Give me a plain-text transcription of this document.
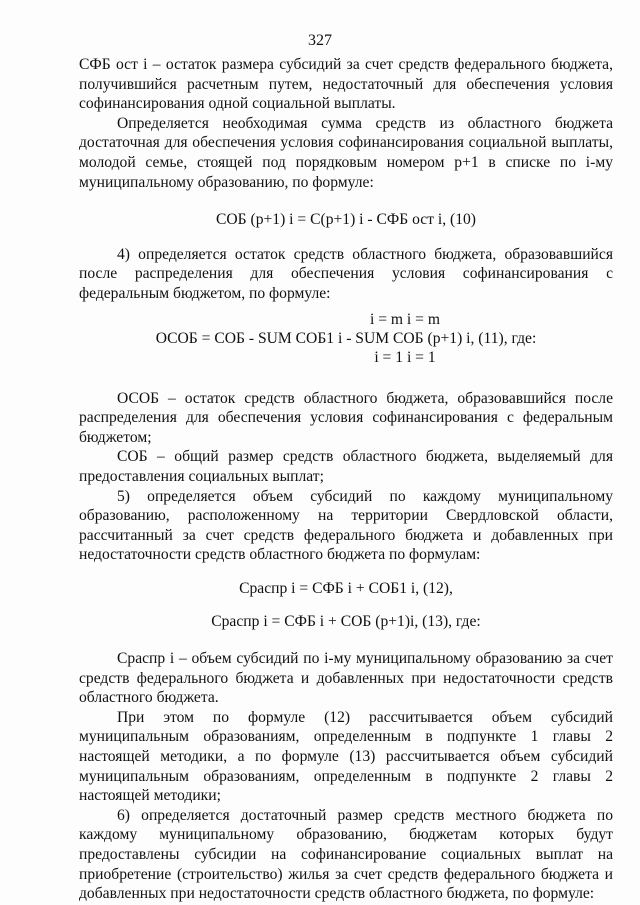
327

СФБ ост i – остаток размера субсидий за счет средств федерального бюджета, получившийся расчетным путем, недостаточный для обеспечения условия софинансирования одной социальной выплаты.

Определяется необходимая сумма средств из областного бюджета достаточная для обеспечения условия софинансирования социальной выплаты, молодой семье, стоящей под порядковым номером р+1 в списке по i-му муниципальному образованию, по формуле:

СОБ (р+1) i = С(р+1) i - СФБ ост i, (10)

4) определяется остаток средств областного бюджета, образовавшийся после распределения для обеспечения условия софинансирования с федеральным бюджетом, по формуле:

i = m i = m
ОСОБ = СОБ - SUM СОБ1 i - SUM СОБ (р+1) i, (11), где:
i = 1 i = 1

ОСОБ – остаток средств областного бюджета, образовавшийся после распределения для обеспечения условия софинансирования с федеральным бюджетом;

СОБ – общий размер средств областного бюджета, выделяемый для предоставления социальных выплат;

5) определяется объем субсидий по каждому муниципальному образованию, расположенному на территории Свердловской области, рассчитанный за счет средств федерального бюджета и добавленных при недостаточности средств областного бюджета по формулам:

Сраспр i = СФБ i + СОБ1 i, (12),

Сраспр i = СФБ i + СОБ (р+1)i, (13), где:

Сраспр i – объем субсидий по i-му муниципальному образованию за счет средств федерального бюджета и добавленных при недостаточности средств областного бюджета.

При этом по формуле (12) рассчитывается объем субсидий муниципальным образованиям, определенным в подпункте 1 главы 2 настоящей методики, а по формуле (13) рассчитывается объем субсидий муниципальным образованиям, определенным в подпункте 2 главы 2 настоящей методики;

6) определяется достаточный размер средств местного бюджета по каждому муниципальному образованию, бюджетам которых будут предоставлены субсидии на софинансирование социальных выплат на приобретение (строительство) жилья за счет средств федерального бюджета и добавленных при недостаточности средств областного бюджета, по формуле:
